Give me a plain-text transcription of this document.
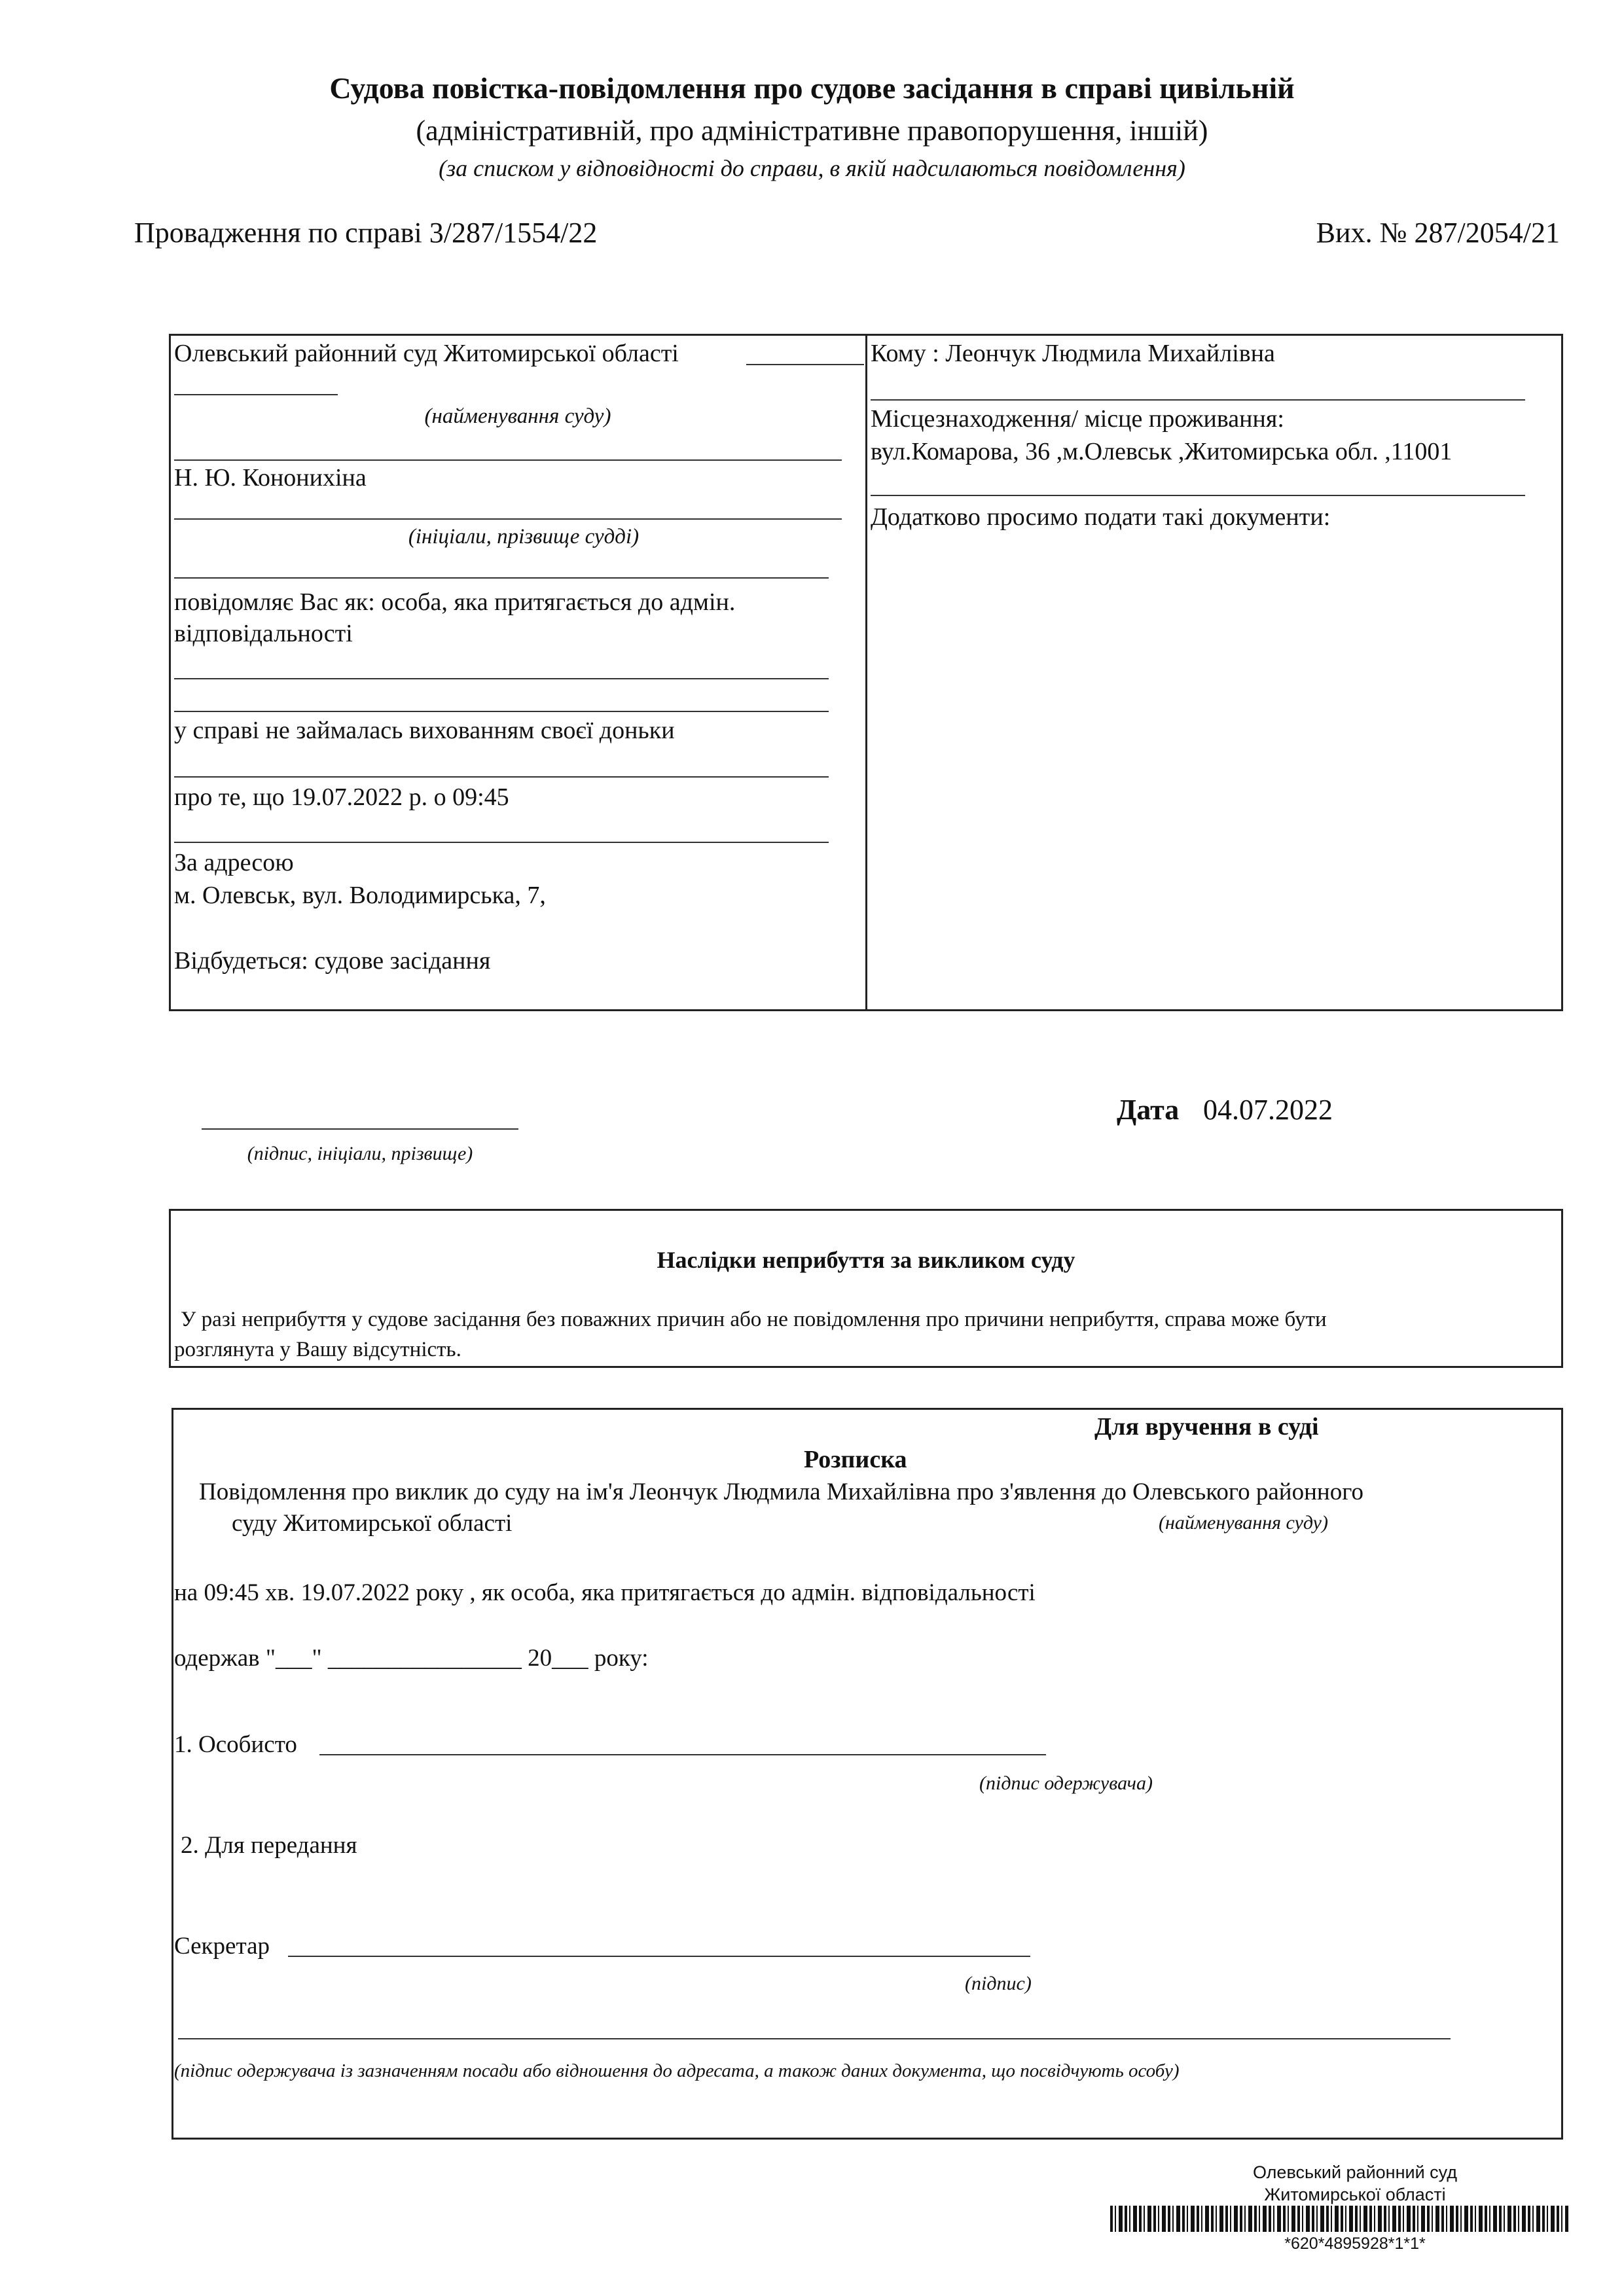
Судова повістка-повідомлення про судове засідання в справі цивільній
(адміністративній, про адміністративне правопорушення, іншій)
(за списком у відповідності до справи, в якій надсилаються повідомлення)
Провадження по справі 3/287/1554/22	Вих. № 287/2054/21
Олевський районний суд Житомирської області
(найменування суду)
Н. Ю. Кононихіна
(ініціали, прізвище судді)
повідомляє Вас як: особа, яка притягається до адмін.
відповідальності
у справі не займалась вихованням своєї доньки
про те, що 19.07.2022 р. о 09:45
За адресою
м. Олевськ, вул. Володимирська, 7,
Відбудеться: судове засідання
Кому : Леончук Людмила Михайлівна
Місцезнаходження/ місце проживання:
вул.Комарова, 36 ,м.Олевськ ,Житомирська обл. ,11001
Додатково просимо подати такі документи:
(підпис, ініціали, прізвище)
Дата 04.07.2022
Наслідки неприбуття за викликом суду
У разі неприбуття у судове засідання без поважних причин або не повідомлення про причини неприбуття, справа може бути
розглянута у Вашу відсутність.
Для вручення в суді
Розписка
Повідомлення про виклик до суду на ім'я Леончук Людмила Михайлівна про з'явлення до Олевського районного
суду Житомирської області	(найменування суду)
на 09:45 хв. 19.07.2022 року , як особа, яка притягається до адмін. відповідальності
одержав "___" ________________ 20___ року:
1. Особисто
(підпис одержувача)
2. Для передання
Секретар
(підпис)
(підпис одержувача із зазначенням посади або відношення до адресата, а також даних документа, що посвідчують особу)
Олевський районний суд
Житомирської області
*620*4895928*1*1*
